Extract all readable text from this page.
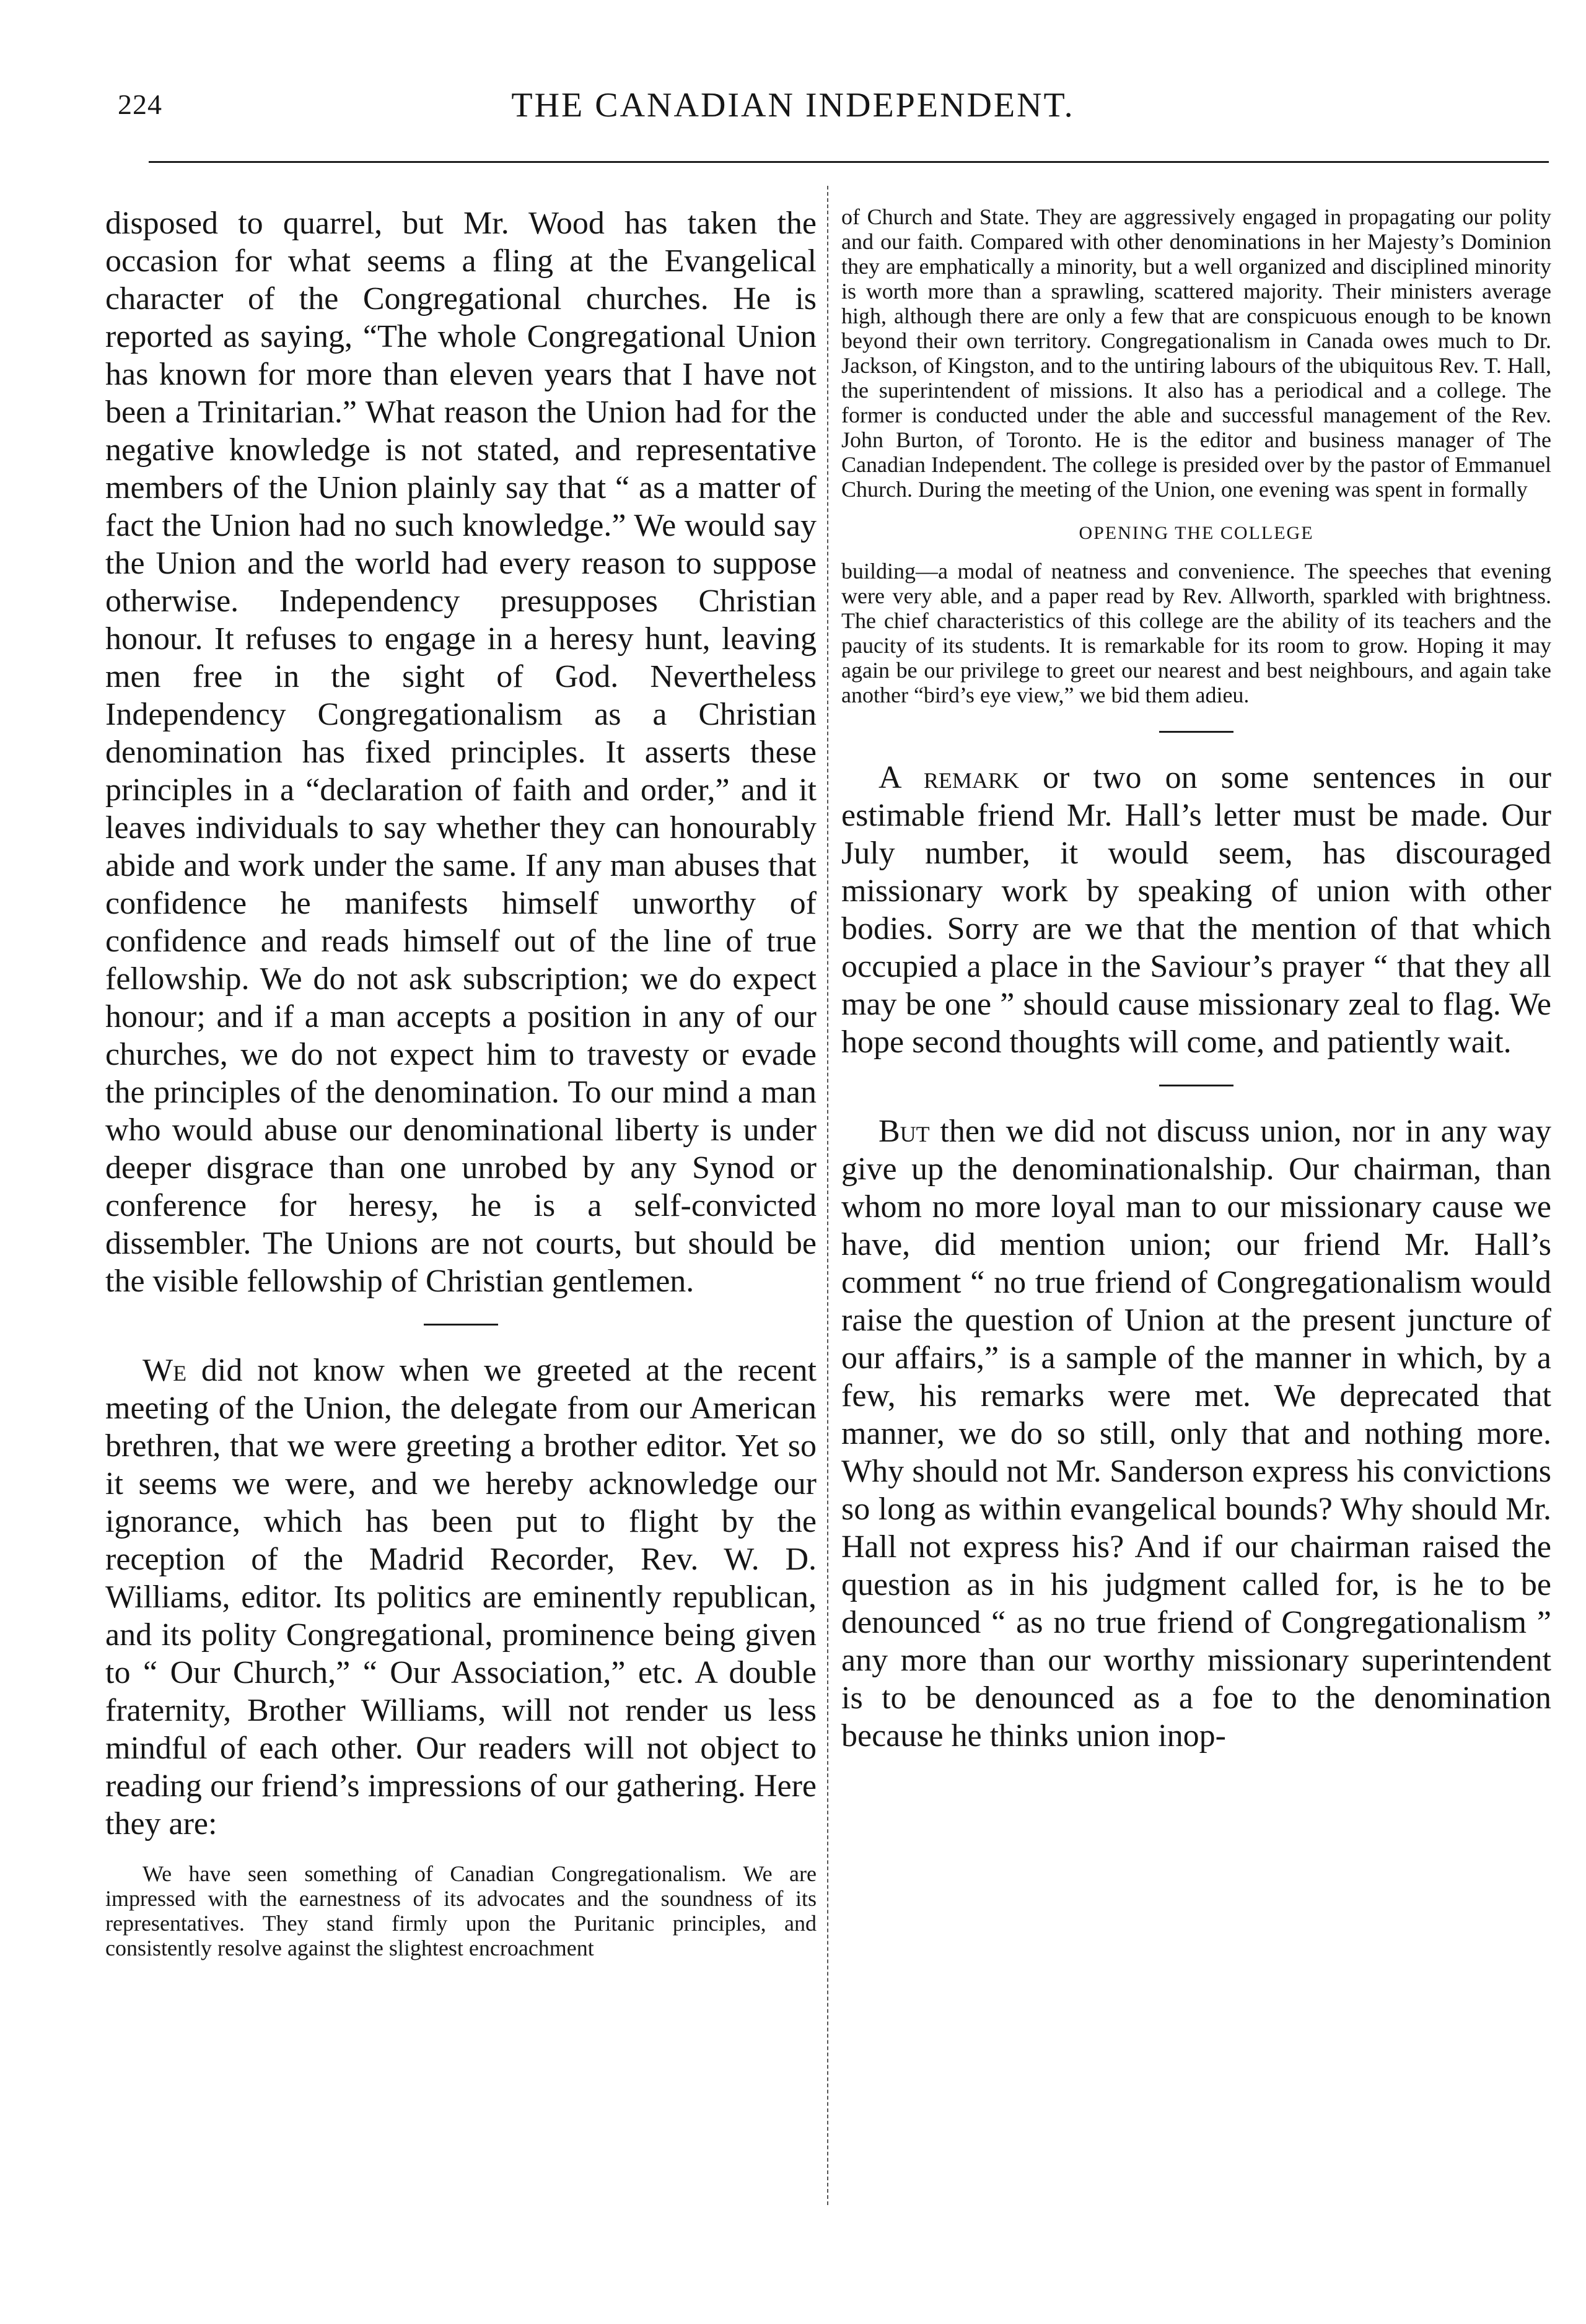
224	THE CANADIAN INDEPENDENT.

disposed to quarrel, but Mr. Wood has taken the occasion for what seems a fling at the Evangelical character of the Congregational churches. He is reported as saying, “The whole Congregational Union has known for more than eleven years that I have not been a Trinitarian.” What reason the Union had for the negative knowledge is not stated, and representative members of the Union plainly say that “ as a matter of fact the Union had no such knowledge.” We would say the Union and the world had every reason to suppose otherwise. Independency presupposes Christian honour. It refuses to engage in a heresy hunt, leaving men free in the sight of God. Nevertheless Independency Congregationalism as a Christian denomination has fixed principles. It asserts these principles in a “declaration of faith and order,” and it leaves individuals to say whether they can honourably abide and work under the same. If any man abuses that confidence he manifests himself unworthy of confidence and reads himself out of the line of true fellowship. We do not ask subscription; we do expect honour; and if a man accepts a position in any of our churches, we do not expect him to travesty or evade the principles of the denomination. To our mind a man who would abuse our denominational liberty is under deeper disgrace than one unrobed by any Synod or conference for heresy, he is a self-convicted dissembler. The Unions are not courts, but should be the visible fellowship of Christian gentlemen.

We did not know when we greeted at the recent meeting of the Union, the delegate from our American brethren, that we were greeting a brother editor. Yet so it seems we were, and we hereby acknowledge our ignorance, which has been put to flight by the reception of the Madrid Recorder, Rev. W. D. Williams, editor. Its politics are eminently republican, and its polity Congregational, prominence being given to “ Our Church,” “ Our Association,” etc. A double fraternity, Brother Williams, will not render us less mindful of each other. Our readers will not object to reading our friend’s impressions of our gathering. Here they are:

We have seen something of Canadian Congregationalism. We are impressed with the earnestness of its advocates and the soundness of its representatives. They stand firmly upon the Puritanic principles, and consistently resolve against the slightest encroachment

of Church and State. They are aggressively engaged in propagating our polity and our faith. Compared with other denominations in her Majesty’s Dominion they are emphatically a minority, but a well organized and disciplined minority is worth more than a sprawling, scattered majority. Their ministers average high, although there are only a few that are conspicuous enough to be known beyond their own territory. Congregationalism in Canada owes much to Dr. Jackson, of Kingston, and to the untiring labours of the ubiquitous Rev. T. Hall, the superintendent of missions. It also has a periodical and a college. The former is conducted under the able and successful management of the Rev. John Burton, of Toronto. He is the editor and business manager of The Canadian Independent. The college is presided over by the pastor of Emmanuel Church. During the meeting of the Union, one evening was spent in formally

OPENING THE COLLEGE

building—a modal of neatness and convenience. The speeches that evening were very able, and a paper read by Rev. Allworth, sparkled with brightness. The chief characteristics of this college are the ability of its teachers and the paucity of its students. It is remarkable for its room to grow. Hoping it may again be our privilege to greet our nearest and best neighbours, and again take another “bird’s eye view,” we bid them adieu.

A remark or two on some sentences in our estimable friend Mr. Hall’s letter must be made. Our July number, it would seem, has discouraged missionary work by speaking of union with other bodies. Sorry are we that the mention of that which occupied a place in the Saviour’s prayer “ that they all may be one ” should cause missionary zeal to flag. We hope second thoughts will come, and patiently wait.

But then we did not discuss union, nor in any way give up the denominationalship. Our chairman, than whom no more loyal man to our missionary cause we have, did mention union; our friend Mr. Hall’s comment “ no true friend of Congregationalism would raise the question of Union at the present juncture of our affairs,” is a sample of the manner in which, by a few, his remarks were met. We deprecated that manner, we do so still, only that and nothing more. Why should not Mr. Sanderson express his convictions so long as within evangelical bounds? Why should Mr. Hall not express his? And if our chairman raised the question as in his judgment called for, is he to be denounced “ as no true friend of Congregationalism ” any more than our worthy missionary superintendent is to be denounced as a foe to the denomination because he thinks union inop-
